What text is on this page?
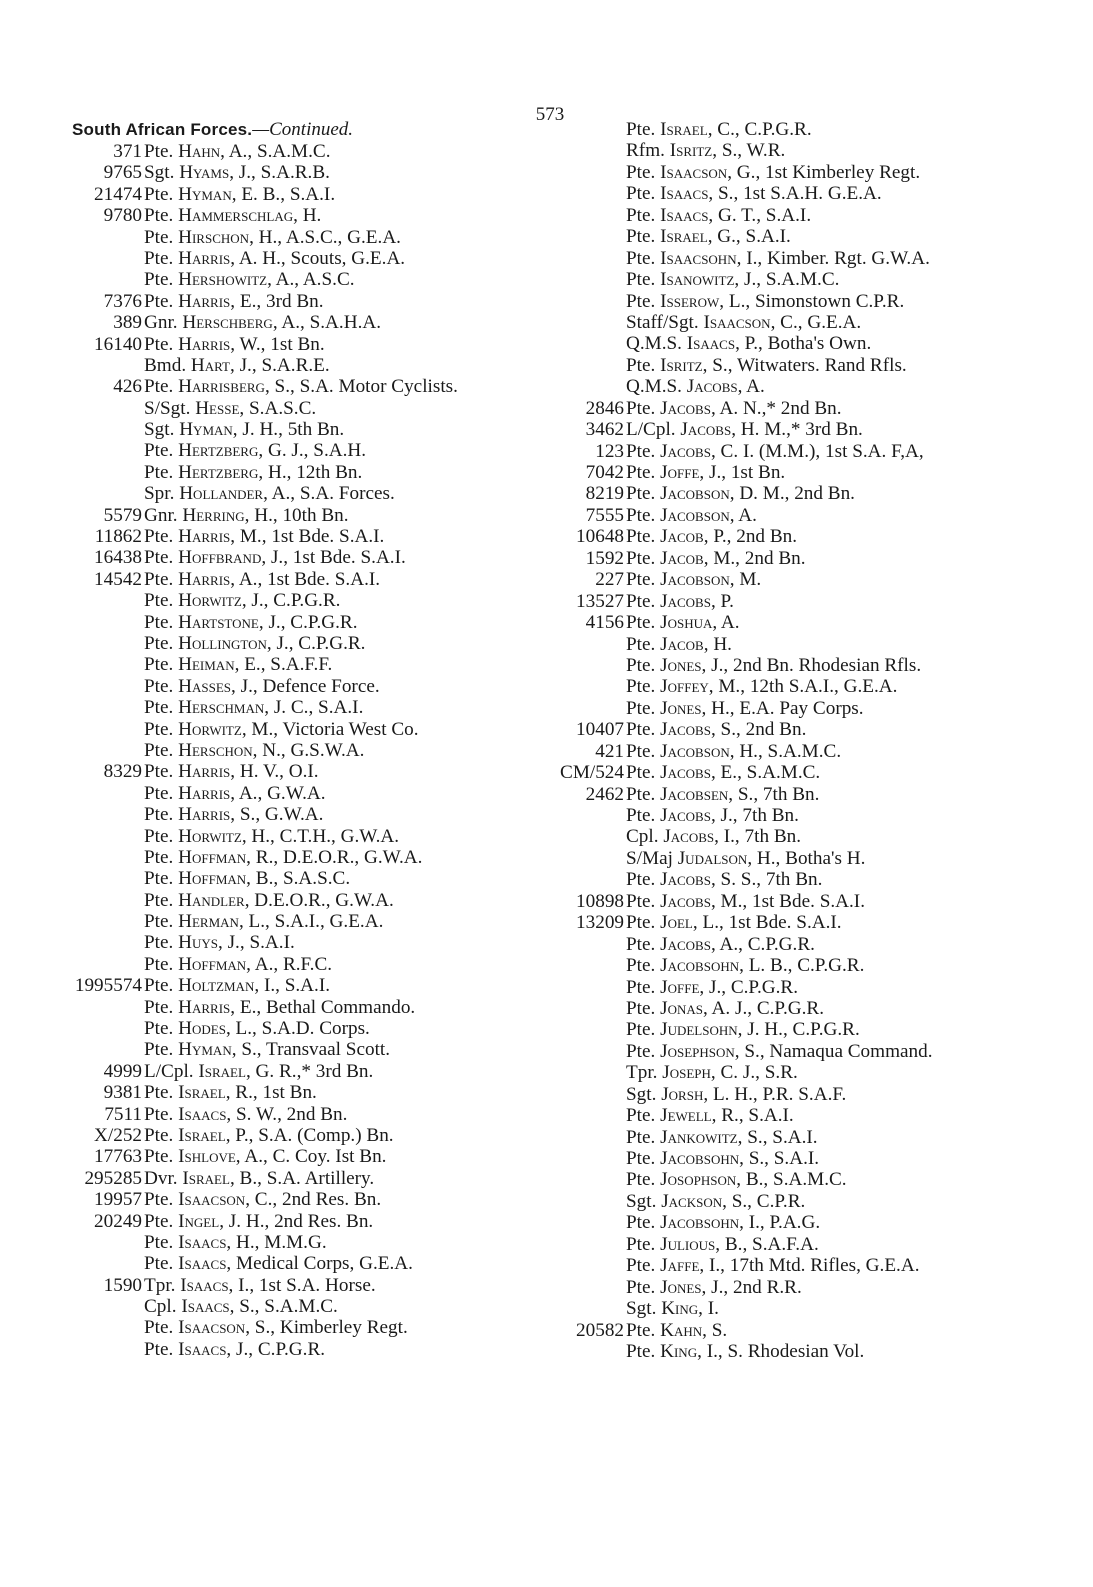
573
South African Forces.—Continued.
371 Pte. Hahn, A., S.A.M.C.
9765 Sgt. Hyams, J., S.A.R.B.
21474 Pte. Hyman, E. B., S.A.I.
9780 Pte. Hammerschlag, H.
Pte. Hirschon, H., A.S.C., G.E.A.
Pte. Harris, A. H., Scouts, G.E.A.
Pte. Hershowitz, A., A.S.C.
7376 Pte. Harris, E., 3rd Bn.
389 Gnr. Herschberg, A., S.A.H.A.
16140 Pte. Harris, W., 1st Bn.
Bmd. Hart, J., S.A.R.E.
426 Pte. Harrisberg, S., S.A. Motor Cyclists.
S/Sgt. Hesse, S.A.S.C.
Sgt. Hyman, J. H., 5th Bn.
Pte. Hertzberg, G. J., S.A.H.
Pte. Hertzberg, H., 12th Bn.
Spr. Hollander, A., S.A. Forces.
5579 Gnr. Herring, H., 10th Bn.
11862 Pte. Harris, M., 1st Bde. S.A.I.
16438 Pte. Hoffbrand, J., 1st Bde. S.A.I.
14542 Pte. Harris, A., 1st Bde. S.A.I.
Pte. Horwitz, J., C.P.G.R.
Pte. Hartstone, J., C.P.G.R.
Pte. Hollington, J., C.P.G.R.
Pte. Heiman, E., S.A.F.F.
Pte. Hasses, J., Defence Force.
Pte. Herschman, J. C., S.A.I.
Pte. Horwitz, M., Victoria West Co.
Pte. Herschon, N., G.S.W.A.
8329 Pte. Harris, H. V., O.I.
Pte. Harris, A., G.W.A.
Pte. Harris, S., G.W.A.
Pte. Horwitz, H., C.T.H., G.W.A.
Pte. Hoffman, R., D.E.O.R., G.W.A.
Pte. Hoffman, B., S.A.S.C.
Pte. Handler, D.E.O.R., G.W.A.
Pte. Herman, L., S.A.I., G.E.A.
Pte. Huys, J., S.A.I.
Pte. Hoffman, A., R.F.C.
1995574 Pte. Holtzman, I., S.A.I.
Pte. Harris, E., Bethal Commando.
Pte. Hodes, L., S.A.D. Corps.
Pte. Hyman, S., Transvaal Scott.
4999 L/Cpl. Israel, G. R.,* 3rd Bn.
9381 Pte. Israel, R., 1st Bn.
7511 Pte. Isaacs, S. W., 2nd Bn.
X/252 Pte. Israel, P., S.A. (Comp.) Bn.
17763 Pte. Ishlove, A., C. Coy. Ist Bn.
295285 Dvr. Israel, B., S.A. Artillery.
19957 Pte. Isaacson, C., 2nd Res. Bn.
20249 Pte. Ingel, J. H., 2nd Res. Bn.
Pte. Isaacs, H., M.M.G.
Pte. Isaacs, Medical Corps, G.E.A.
1590 Tpr. Isaacs, I., 1st S.A. Horse.
Cpl. Isaacs, S., S.A.M.C.
Pte. Isaacson, S., Kimberley Regt.
Pte. Isaacs, J., C.P.G.R.
Pte. Israel, C., C.P.G.R.
Rfm. Isritz, S., W.R.
Pte. Isaacson, G., 1st Kimberley Regt.
Pte. Isaacs, S., 1st S.A.H. G.E.A.
Pte. Isaacs, G. T., S.A.I.
Pte. Israel, G., S.A.I.
Pte. Isaacsohn, I., Kimber. Rgt. G.W.A.
Pte. Isanowitz, J., S.A.M.C.
Pte. Isserow, L., Simonstown C.P.R.
Staff/Sgt. Isaacson, C., G.E.A.
Q.M.S. Isaacs, P., Botha's Own.
Pte. Isritz, S., Witwaters. Rand Rfls.
Q.M.S. Jacobs, A.
2846 Pte. Jacobs, A. N.,* 2nd Bn.
3462 L/Cpl. Jacobs, H. M.,* 3rd Bn.
123 Pte. Jacobs, C. I. (M.M.), 1st S.A. F,A,
7042 Pte. Joffe, J., 1st Bn.
8219 Pte. Jacobson, D. M., 2nd Bn.
7555 Pte. Jacobson, A.
10648 Pte. Jacob, P., 2nd Bn.
1592 Pte. Jacob, M., 2nd Bn.
227 Pte. Jacobson, M.
13527 Pte. Jacobs, P.
4156 Pte. Joshua, A.
Pte. Jacob, H.
Pte. Jones, J., 2nd Bn. Rhodesian Rfls.
Pte. Joffey, M., 12th S.A.I., G.E.A.
Pte. Jones, H., E.A. Pay Corps.
10407 Pte. Jacobs, S., 2nd Bn.
421 Pte. Jacobson, H., S.A.M.C.
CM/524 Pte. Jacobs, E., S.A.M.C.
2462 Pte. Jacobsen, S., 7th Bn.
Pte. Jacobs, J., 7th Bn.
Cpl. Jacobs, I., 7th Bn.
S/Maj Judalson, H., Botha's H.
Pte. Jacobs, S. S., 7th Bn.
10898 Pte. Jacobs, M., 1st Bde. S.A.I.
13209 Pte. Joel, L., 1st Bde. S.A.I.
Pte. Jacobs, A., C.P.G.R.
Pte. Jacobsohn, L. B., C.P.G.R.
Pte. Joffe, J., C.P.G.R.
Pte. Jonas, A. J., C.P.G.R.
Pte. Judelsohn, J. H., C.P.G.R.
Pte. Josephson, S., Namaqua Command.
Tpr. Joseph, C. J., S.R.
Sgt. Jorsh, L. H., P.R. S.A.F.
Pte. Jewell, R., S.A.I.
Pte. Jankowitz, S., S.A.I.
Pte. Jacobsohn, S., S.A.I.
Pte. Josophson, B., S.A.M.C.
Sgt. Jackson, S., C.P.R.
Pte. Jacobsohn, I., P.A.G.
Pte. Julious, B., S.A.F.A.
Pte. Jaffe, I., 17th Mtd. Rifles, G.E.A.
Pte. Jones, J., 2nd R.R.
Sgt. King, I.
20582 Pte. Kahn, S.
Pte. King, I., S. Rhodesian Vol.
